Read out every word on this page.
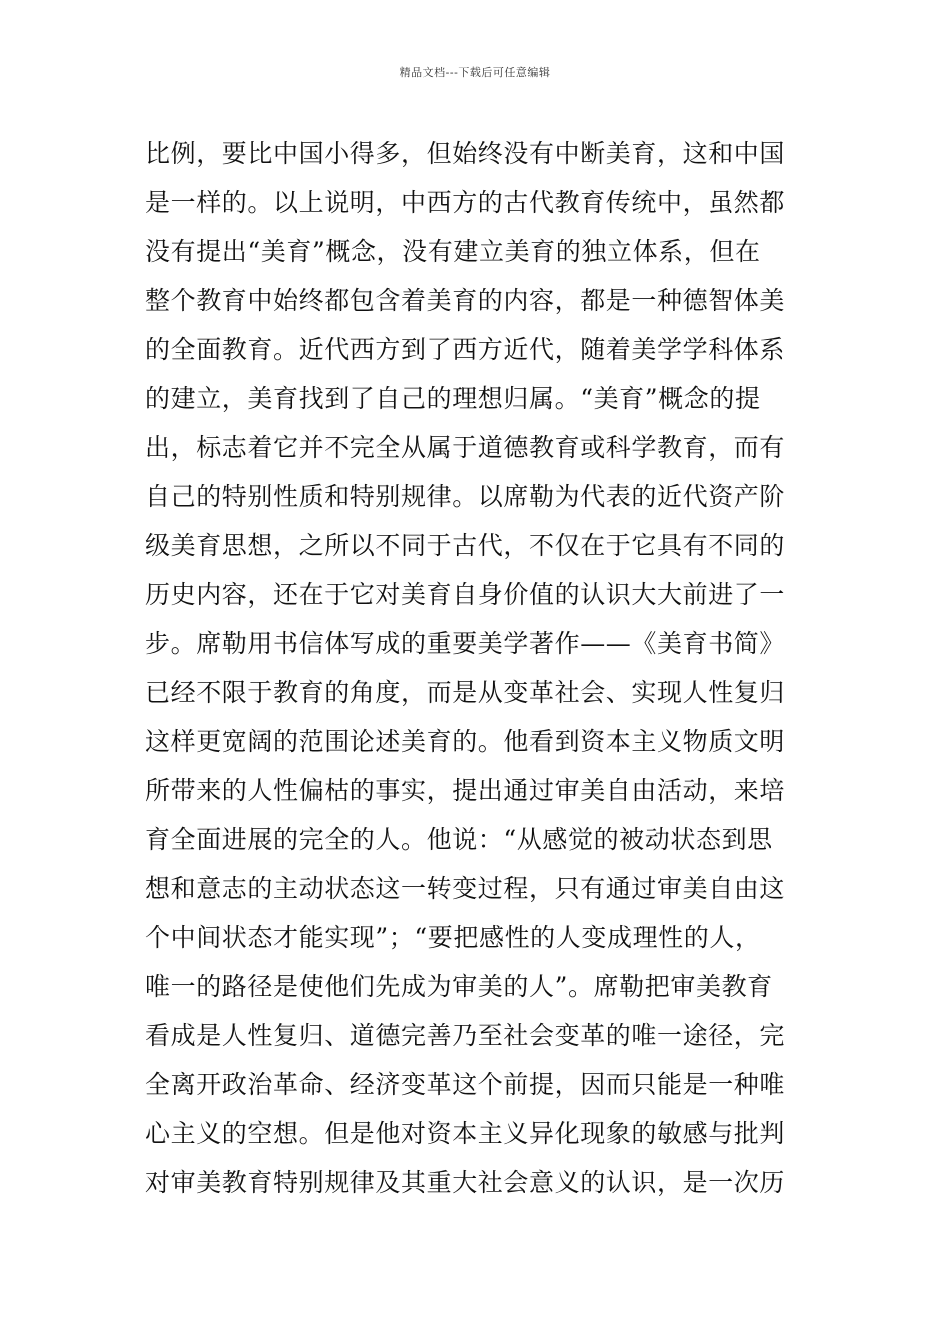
精品文档---下载后可任意编辑
比例，要比中国小得多，但始终没有中断美育，这和中国
是一样的。以上说明，中西方的古代教育传统中，虽然都
没有提出“美育”概念，没有建立美育的独立体系，但在
整个教育中始终都包含着美育的内容，都是一种德智体美
的全面教育。近代西方到了西方近代，随着美学学科体系
的建立，美育找到了自己的理想归属。“美育”概念的提
出，标志着它并不完全从属于道德教育或科学教育，而有
自己的特别性质和特别规律。以席勒为代表的近代资产阶
级美育思想，之所以不同于古代，不仅在于它具有不同的
历史内容，还在于它对美育自身价值的认识大大前进了一
步。席勒用书信体写成的重要美学著作——《美育书简》
已经不限于教育的角度，而是从变革社会、实现人性复归
这样更宽阔的范围论述美育的。他看到资本主义物质文明
所带来的人性偏枯的事实，提出通过审美自由活动，来培
育全面进展的完全的人。他说：“从感觉的被动状态到思
想和意志的主动状态这一转变过程，只有通过审美自由这
个中间状态才能实现”；“要把感性的人变成理性的人，
唯一的路径是使他们先成为审美的人”。席勒把审美教育
看成是人性复归、道德完善乃至社会变革的唯一途径，完
全离开政治革命、经济变革这个前提，因而只能是一种唯
心主义的空想。但是他对资本主义异化现象的敏感与批判
对审美教育特别规律及其重大社会意义的认识，是一次历
